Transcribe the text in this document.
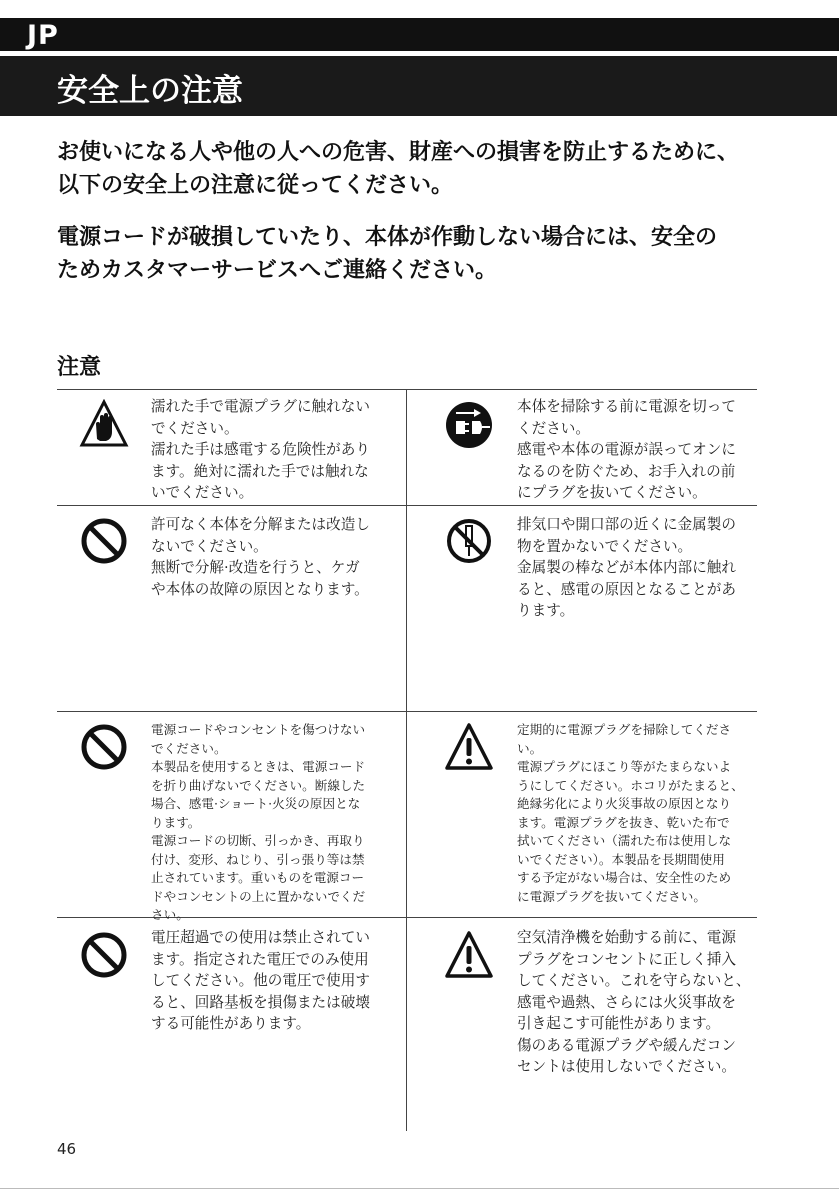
JP
安全上の注意

お使いになる人や他の人への危害、財産への損害を防止するために、
以下の安全上の注意に従ってください。

電源コードが破損していたり、本体が作動しない場合には、安全の
ためカスタマーサービスへご連絡ください。

注意

濡れた手で電源プラグに触れない
でください。
濡れた手は感電する危険性があり
ます。絶対に濡れた手では触れな
いでください。

本体を掃除する前に電源を切って
ください。
感電や本体の電源が誤ってオンに
なるのを防ぐため、お手入れの前
にプラグを抜いてください。

許可なく本体を分解または改造し
ないでください。
無断で分解·改造を行うと、ケガ
や本体の故障の原因となります。

排気口や開口部の近くに金属製の
物を置かないでください。
金属製の棒などが本体内部に触れ
ると、感電の原因となることがあ
ります。

電源コードやコンセントを傷つけない
でください。
本製品を使用するときは、電源コード
を折り曲げないでください。断線した
場合、感電·ショート·火災の原因とな
ります。
電源コードの切断、引っかき、再取り
付け、変形、ねじり、引っ張り等は禁
止されています。重いものを電源コー
ドやコンセントの上に置かないでくだ
さい。

定期的に電源プラグを掃除してくださ
い。
電源プラグにほこり等がたまらないよ
うにしてください。ホコリがたまると、
絶縁劣化により火災事故の原因となり
ます。電源プラグを抜き、乾いた布で
拭いてください（濡れた布は使用しな
いでください）。本製品を長期間使用
する予定がない場合は、安全性のため
に電源プラグを抜いてください。

電圧超過での使用は禁止されてい
ます。指定された電圧でのみ使用
してください。他の電圧で使用す
ると、回路基板を損傷または破壊
する可能性があります。

空気清浄機を始動する前に、電源
プラグをコンセントに正しく挿入
してください。これを守らないと、
感電や過熱、さらには火災事故を
引き起こす可能性があります。
傷のある電源プラグや緩んだコン
セントは使用しないでください。

46
